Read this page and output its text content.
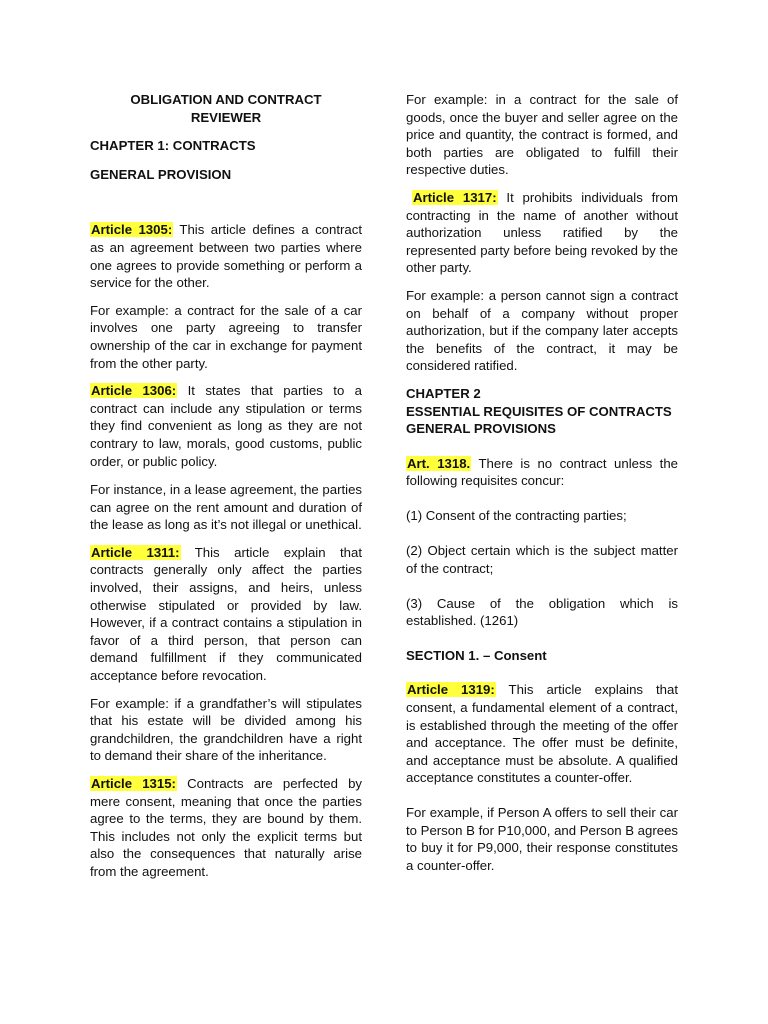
OBLIGATION AND CONTRACT
REVIEWER

CHAPTER 1: CONTRACTS

GENERAL PROVISION

Article 1305: This article defines a contract as an agreement between two parties where one agrees to provide something or perform a service for the other.

For example: a contract for the sale of a car involves one party agreeing to transfer ownership of the car in exchange for payment from the other party.

Article 1306: It states that parties to a contract can include any stipulation or terms they find convenient as long as they are not contrary to law, morals, good customs, public order, or public policy.

For instance, in a lease agreement, the parties can agree on the rent amount and duration of the lease as long as it’s not illegal or unethical.

Article 1311: This article explain that contracts generally only affect the parties involved, their assigns, and heirs, unless otherwise stipulated or provided by law. However, if a contract contains a stipulation in favor of a third person, that person can demand fulfillment if they communicated acceptance before revocation.

For example: if a grandfather’s will stipulates that his estate will be divided among his grandchildren, the grandchildren have a right to demand their share of the inheritance.

Article 1315: Contracts are perfected by mere consent, meaning that once the parties agree to the terms, they are bound by them. This includes not only the explicit terms but also the consequences that naturally arise from the agreement.

For example: in a contract for the sale of goods, once the buyer and seller agree on the price and quantity, the contract is formed, and both parties are obligated to fulfill their respective duties.

Article 1317: It prohibits individuals from contracting in the name of another without authorization unless ratified by the represented party before being revoked by the other party.

For example: a person cannot sign a contract on behalf of a company without proper authorization, but if the company later accepts the benefits of the contract, it may be considered ratified.

CHAPTER 2

ESSENTIAL REQUISITES OF CONTRACTS

GENERAL PROVISIONS

Art. 1318. There is no contract unless the following requisites concur:

(1) Consent of the contracting parties;

(2) Object certain which is the subject matter of the contract;

(3) Cause of the obligation which is established. (1261)

SECTION 1. – Consent

Article 1319: This article explains that consent, a fundamental element of a contract, is established through the meeting of the offer and acceptance. The offer must be definite, and acceptance must be absolute. A qualified acceptance constitutes a counter-offer.

For example, if Person A offers to sell their car to Person B for P10,000, and Person B agrees to buy it for P9,000, their response constitutes a counter-offer.
